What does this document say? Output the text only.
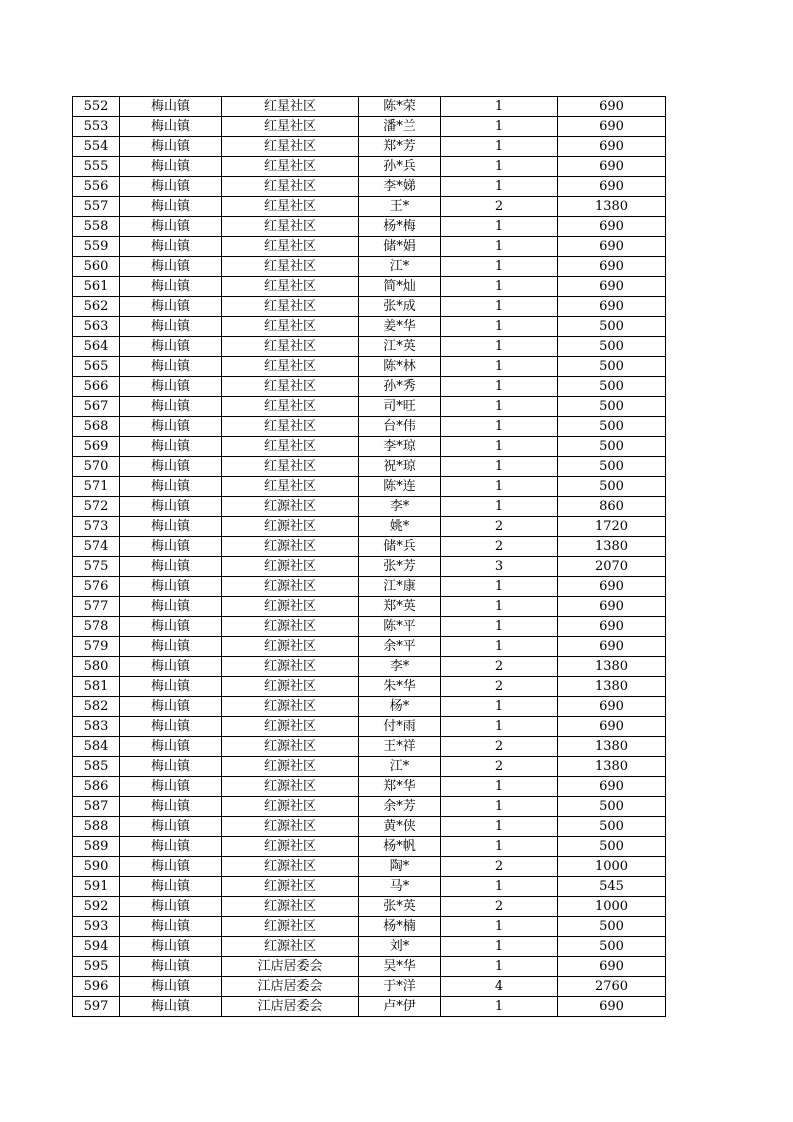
552	梅山镇	红星社区	陈*荣	1	690
553	梅山镇	红星社区	潘*兰	1	690
554	梅山镇	红星社区	郑*芳	1	690
555	梅山镇	红星社区	孙*兵	1	690
556	梅山镇	红星社区	李*娣	1	690
557	梅山镇	红星社区	王*	2	1380
558	梅山镇	红星社区	杨*梅	1	690
559	梅山镇	红星社区	储*娟	1	690
560	梅山镇	红星社区	江*	1	690
561	梅山镇	红星社区	简*灿	1	690
562	梅山镇	红星社区	张*成	1	690
563	梅山镇	红星社区	姜*华	1	500
564	梅山镇	红星社区	江*英	1	500
565	梅山镇	红星社区	陈*林	1	500
566	梅山镇	红星社区	孙*秀	1	500
567	梅山镇	红星社区	司*旺	1	500
568	梅山镇	红星社区	台*伟	1	500
569	梅山镇	红星社区	李*琼	1	500
570	梅山镇	红星社区	祝*琼	1	500
571	梅山镇	红星社区	陈*连	1	500
572	梅山镇	红源社区	李*	1	860
573	梅山镇	红源社区	姚*	2	1720
574	梅山镇	红源社区	储*兵	2	1380
575	梅山镇	红源社区	张*芳	3	2070
576	梅山镇	红源社区	江*康	1	690
577	梅山镇	红源社区	郑*英	1	690
578	梅山镇	红源社区	陈*平	1	690
579	梅山镇	红源社区	余*平	1	690
580	梅山镇	红源社区	李*	2	1380
581	梅山镇	红源社区	朱*华	2	1380
582	梅山镇	红源社区	杨*	1	690
583	梅山镇	红源社区	付*雨	1	690
584	梅山镇	红源社区	王*祥	2	1380
585	梅山镇	红源社区	江*	2	1380
586	梅山镇	红源社区	郑*华	1	690
587	梅山镇	红源社区	余*芳	1	500
588	梅山镇	红源社区	黄*侠	1	500
589	梅山镇	红源社区	杨*帆	1	500
590	梅山镇	红源社区	陶*	2	1000
591	梅山镇	红源社区	马*	1	545
592	梅山镇	红源社区	张*英	2	1000
593	梅山镇	红源社区	杨*楠	1	500
594	梅山镇	红源社区	刘*	1	500
595	梅山镇	江店居委会	吴*华	1	690
596	梅山镇	江店居委会	于*洋	4	2760
597	梅山镇	江店居委会	卢*伊	1	690
